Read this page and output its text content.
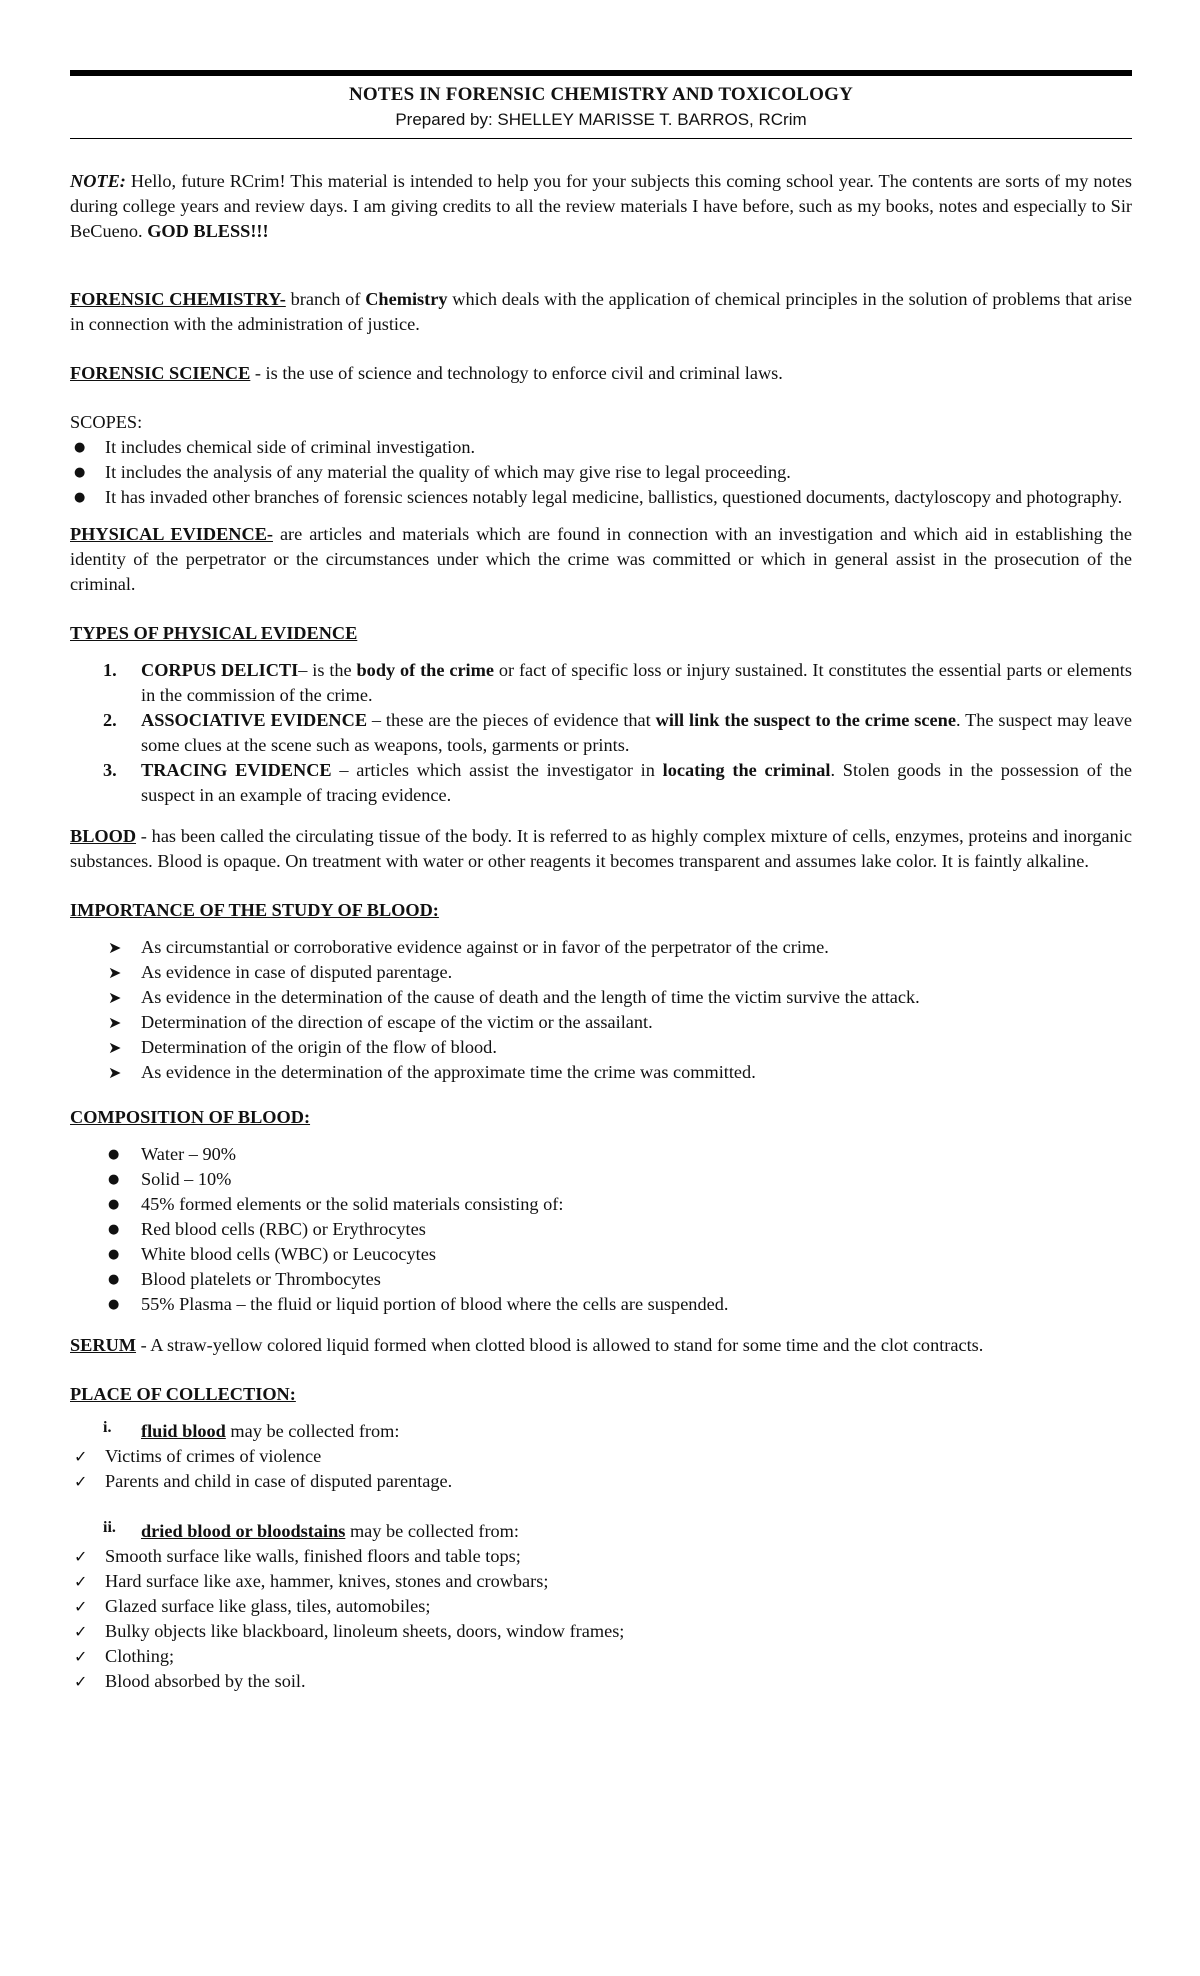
NOTES IN FORENSIC CHEMISTRY AND TOXICOLOGY
Prepared by: SHELLEY MARISSE T. BARROS, RCrim

NOTE: Hello, future RCrim! This material is intended to help you for your subjects this coming school year. The contents are sorts of my notes during college years and review days. I am giving credits to all the review materials I have before, such as my books, notes and especially to Sir BeCueno. GOD BLESS!!!

FORENSIC CHEMISTRY- branch of Chemistry which deals with the application of chemical principles in the solution of problems that arise in connection with the administration of justice.

FORENSIC SCIENCE - is the use of science and technology to enforce civil and criminal laws.

SCOPES:

●	It includes chemical side of criminal investigation.
●	It includes the analysis of any material the quality of which may give rise to legal proceeding.
●	It has invaded other branches of forensic sciences notably legal medicine, ballistics, questioned documents, dactyloscopy and photography.

PHYSICAL EVIDENCE- are articles and materials which are found in connection with an investigation and which aid in establishing the identity of the perpetrator or the circumstances under which the crime was committed or which in general assist in the prosecution of the criminal.

TYPES OF PHYSICAL EVIDENCE

1. CORPUS DELICTI– is the body of the crime or fact of specific loss or injury sustained. It constitutes the essential parts or elements in the commission of the crime.
2. ASSOCIATIVE EVIDENCE – these are the pieces of evidence that will link the suspect to the crime scene. The suspect may leave some clues at the scene such as weapons, tools, garments or prints.
3. TRACING EVIDENCE – articles which assist the investigator in locating the criminal. Stolen goods in the possession of the suspect in an example of tracing evidence.

BLOOD - has been called the circulating tissue of the body. It is referred to as highly complex mixture of cells, enzymes, proteins and inorganic substances. Blood is opaque. On treatment with water or other reagents it becomes transparent and assumes lake color. It is faintly alkaline.

IMPORTANCE OF THE STUDY OF BLOOD:

➤	As circumstantial or corroborative evidence against or in favor of the perpetrator of the crime.
➤	As evidence in case of disputed parentage.
➤	As evidence in the determination of the cause of death and the length of time the victim survive the attack.
➤	Determination of the direction of escape of the victim or the assailant.
➤	Determination of the origin of the flow of blood.
➤	As evidence in the determination of the approximate time the crime was committed.

COMPOSITION OF BLOOD:

●	Water – 90%
●	Solid – 10%
●	45% formed elements or the solid materials consisting of:
●	Red blood cells (RBC) or Erythrocytes
●	White blood cells (WBC) or Leucocytes
●	Blood platelets or Thrombocytes
●	55% Plasma – the fluid or liquid portion of blood where the cells are suspended.

SERUM - A straw-yellow colored liquid formed when clotted blood is allowed to stand for some time and the clot contracts.

PLACE OF COLLECTION:

i. fluid blood may be collected from:

✓ Victims of crimes of violence
✓ Parents and child in case of disputed parentage.
ii. dried blood or bloodstains may be collected from:

✓ Smooth surface like walls, finished floors and table tops;
✓ Hard surface like axe, hammer, knives, stones and crowbars;
✓ Glazed surface like glass, tiles, automobiles;
✓ Bulky objects like blackboard, linoleum sheets, doors, window frames;
✓ Clothing;
✓ Blood absorbed by the soil.
